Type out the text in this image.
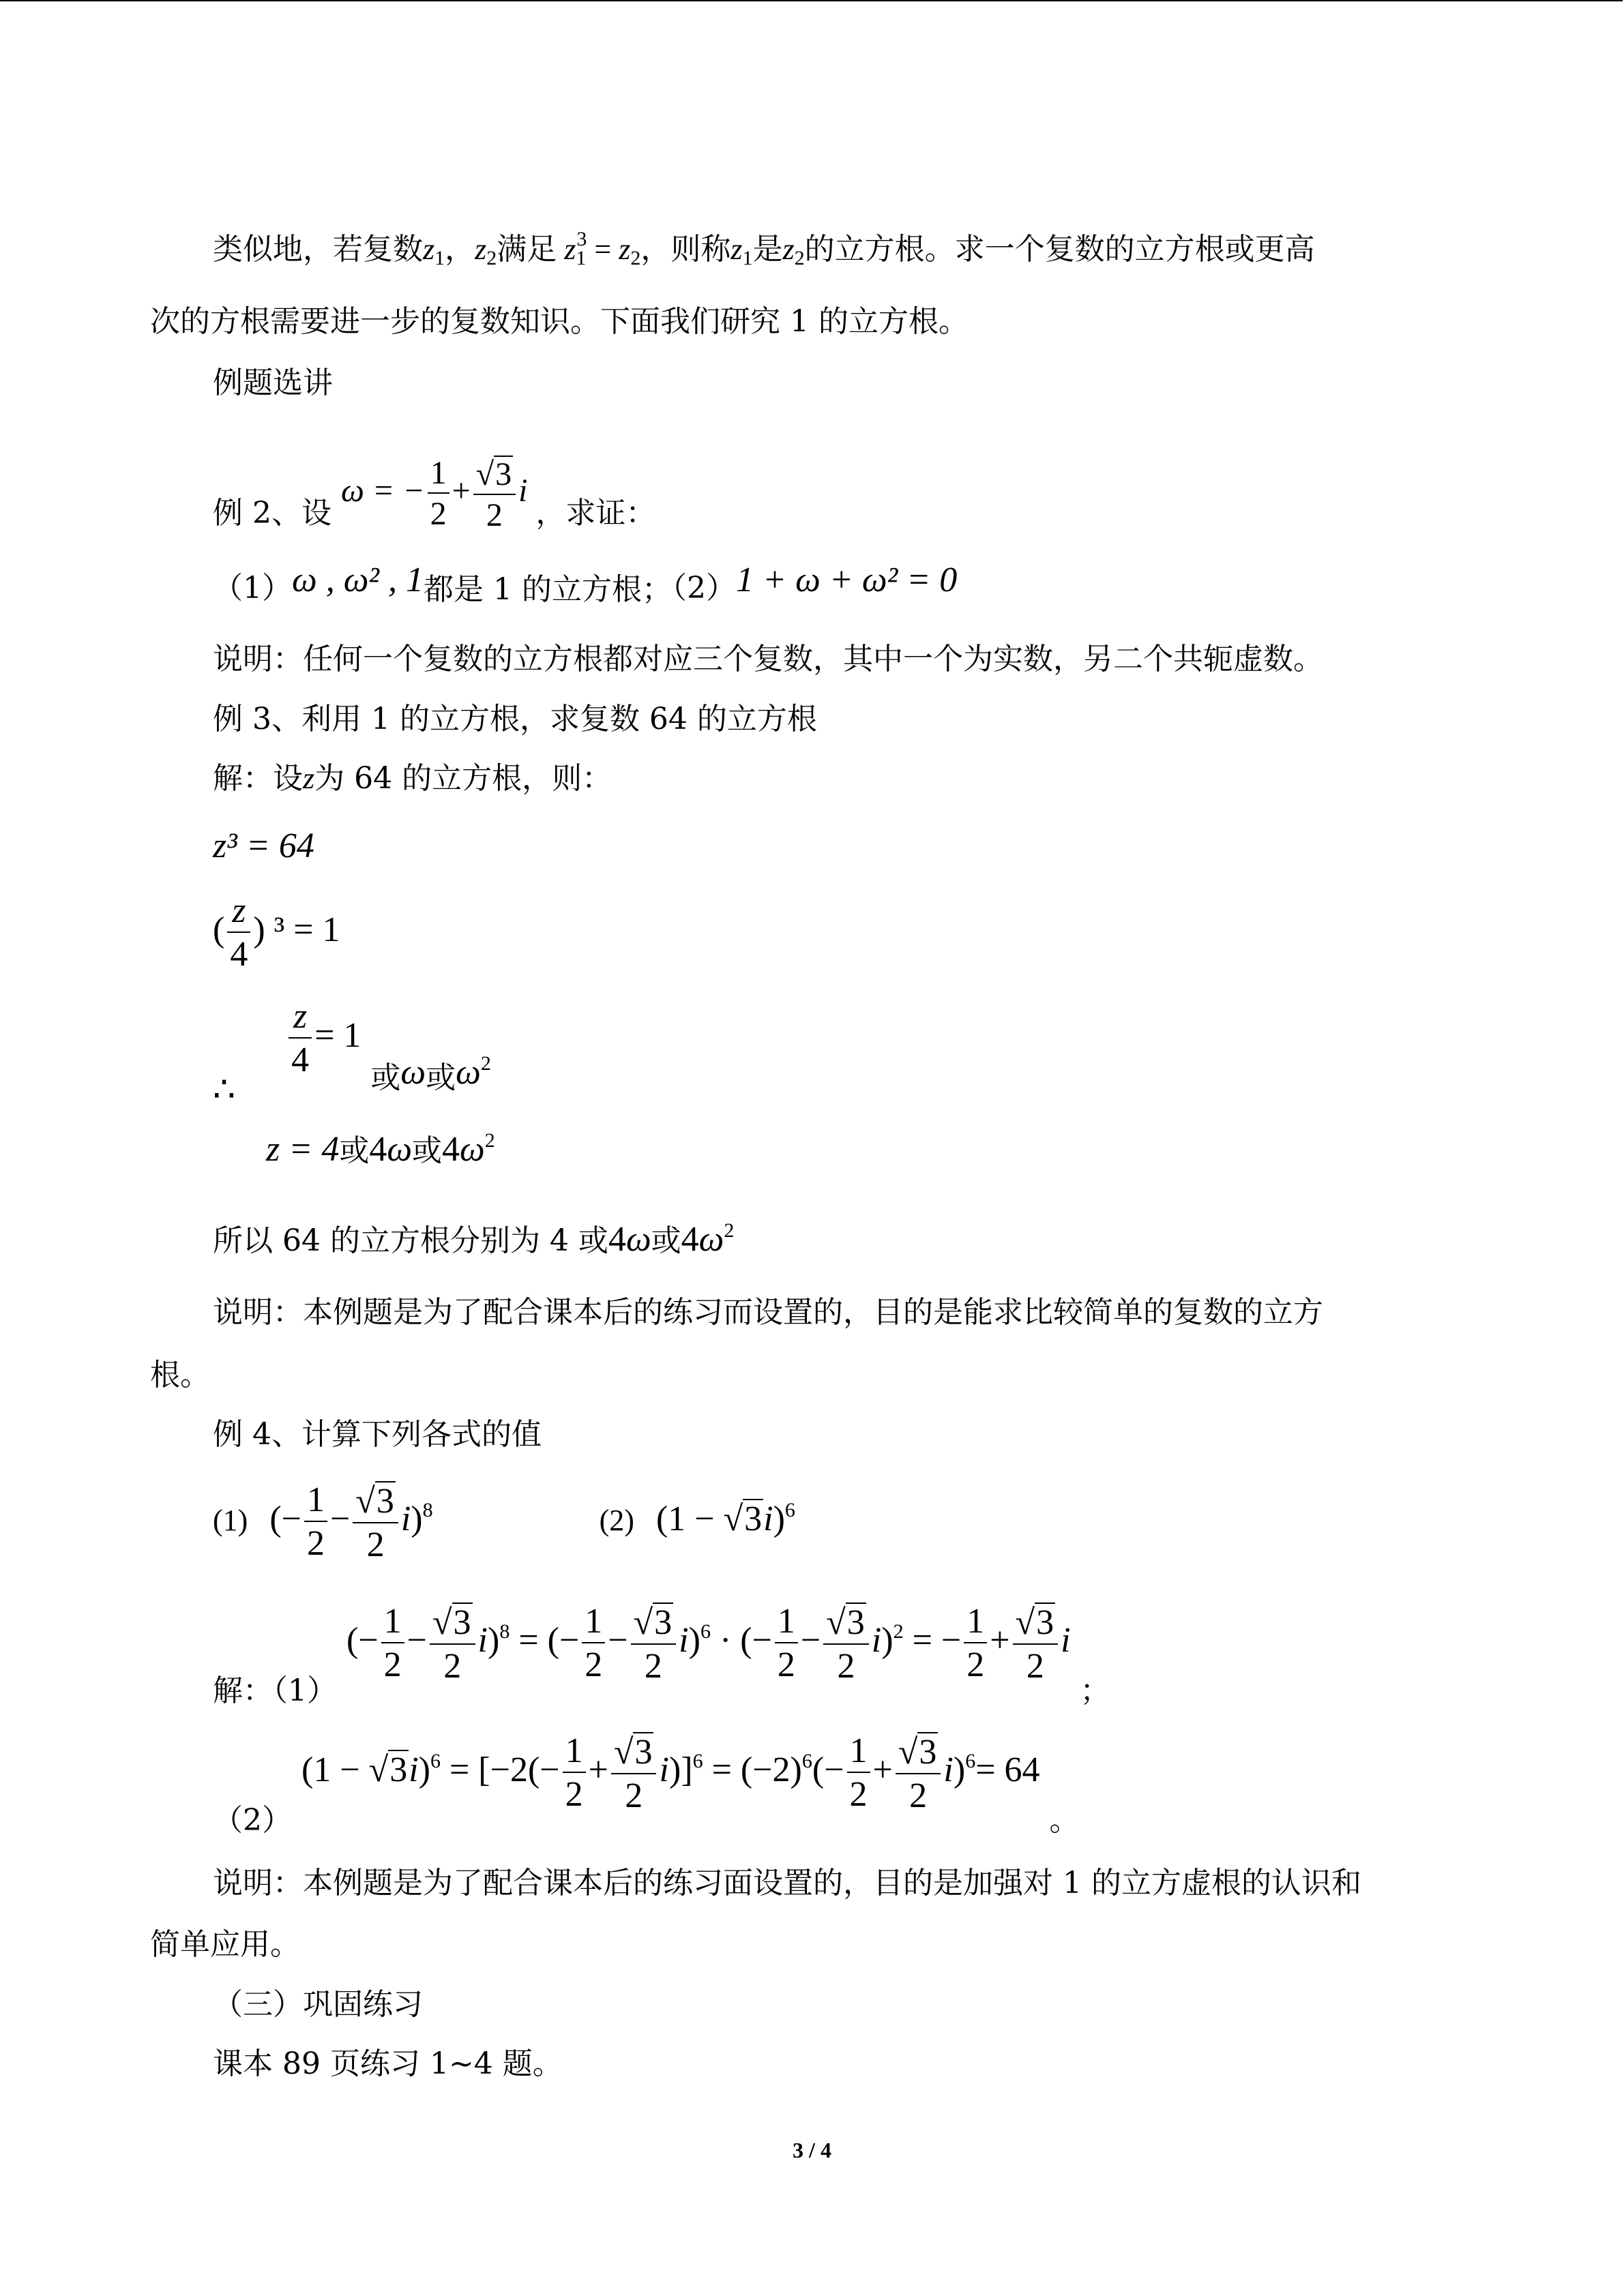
类似地，若复数$z_1$，$z_2$满足 $z_1^3 = z_2$，则称$z_1$是$z_2$的立方根。求一个复数的立方根或更高
次的方根需要进一步的复数知识。下面我们研究 1 的立方根。
例题选讲
例 2、设 ω = − $\frac{1}{2} + \frac{√3}{2}$ i ，求证：
（1）ω , ω² , 1都是 1 的立方根；（2）1 + ω + ω² = 0
说明：任何一个复数的立方根都对应三个复数，其中一个为实数，另二个共轭虚数。
例 3、利用 1 的立方根，求复数 64 的立方根
解：设z为 64 的立方根，则：
z³ = 64
( $\frac{z}{4}$ ) ³ = 1
∴
$\frac{z}{4} = 1$ 或ω或$\omega^2$
z = 4或4ω或$4\omega^2$
所以 64 的立方根分别为 4 或4ω或$4\omega^2$
说明：本例题是为了配合课本后的练习而设置的，目的是能求比较简单的复数的立方
根。
例 4、计算下列各式的值
(1) (− $\frac{1}{2} - \frac{√3}{2} i)^8$	(2) $(1 - √3i)^6$
解：（1） (− $\frac{1}{2} - \frac{√3}{2} i)^8$ = (− $\frac{1}{2} - \frac{√3}{2} i)^6$ · (− $\frac{1}{2} - \frac{√3}{2} i)^2$ = − $\frac{1}{2} + \frac{√3}{2}$ i ；
（2） $(1 - √3i)^6 = [-2(- \frac{1}{2} + \frac{√3}{2} i)]^6 = (-2)^6(- \frac{1}{2} + \frac{√3}{2} i)^6= 64$ 。
说明：本例题是为了配合课本后的练习面设置的，目的是加强对 1 的立方虚根的认识和
简单应用。
（三）巩固练习
课本 89 页练习 1~4 题。
3 / 4
